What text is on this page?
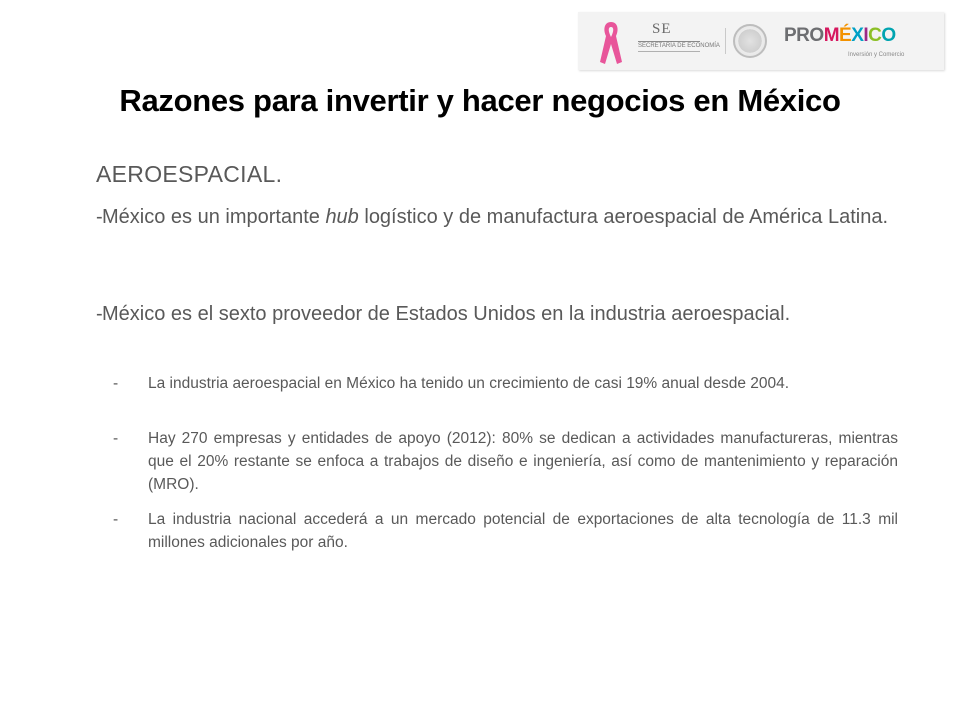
SE
SECRETARÍA DE ECONOMÍA	PROMÉXICO
Inversión y Comercio
Razones para invertir y hacer negocios en México
AEROESPACIAL.
- México es un importante hub logístico y de manufactura aeroespacial de América Latina.
- México es el sexto proveedor de Estados Unidos en la industria aeroespacial.
- La industria aeroespacial en México ha tenido un crecimiento de casi 19% anual desde 2004.
- Hay 270 empresas y entidades de apoyo (2012): 80% se dedican a actividades manufactureras, mientras que el 20% restante se enfoca a trabajos de diseño e ingeniería, así como de mantenimiento y reparación (MRO).
- La industria nacional accederá a un mercado potencial de exportaciones de alta tecnología de 11.3 mil millones adicionales por año.
